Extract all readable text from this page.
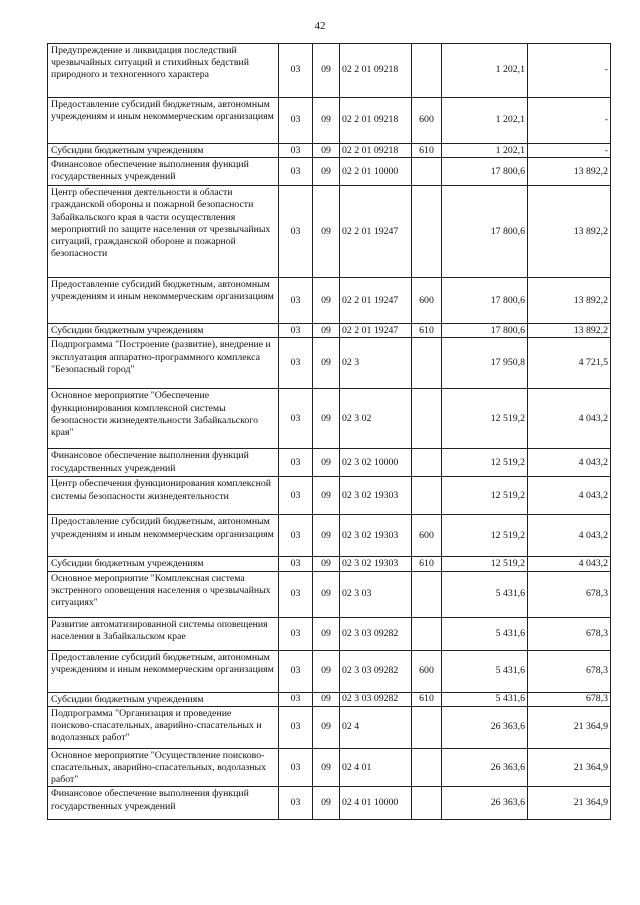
42
Предупреждение и ликвидация последствий чрезвычайных ситуаций и стихийных бедствий природного и техногенного характера	03	09	02 2 01 09218		1 202,1	-
Предоставление субсидий бюджетным, автономным учреждениям и иным некоммерческим организациям	03	09	02 2 01 09218	600	1 202,1	-
Субсидии бюджетным учреждениям	03	09	02 2 01 09218	610	1 202,1	-
Финансовое обеспечение выполнения функций государственных учреждений	03	09	02 2 01 10000		17 800,6	13 892,2
Центр обеспечения деятельности в области гражданской обороны и пожарной безопасности Забайкальского края в части осуществления мероприятий по защите населения от чрезвычайных ситуаций, гражданской обороне и пожарной безопасности	03	09	02 2 01 19247		17 800,6	13 892,2
Предоставление субсидий бюджетным, автономным учреждениям и иным некоммерческим организациям	03	09	02 2 01 19247	600	17 800,6	13 892,2
Субсидии бюджетным учреждениям	03	09	02 2 01 19247	610	17 800,6	13 892,2
Подпрограмма "Построение (развитие), внедрение и эксплуатация аппаратно-программного комплекса "Безопасный город"	03	09	02 3		17 950,8	4 721,5
Основное мероприятие "Обеспечение функционирования комплексной системы безопасности жизнедеятельности Забайкальского края"	03	09	02 3 02		12 519,2	4 043,2
Финансовое обеспечение выполнения функций государственных учреждений	03	09	02 3 02 10000		12 519,2	4 043,2
Центр обеспечения функционирования комплексной системы безопасности жизнедеятельности	03	09	02 3 02 19303		12 519,2	4 043,2
Предоставление субсидий бюджетным, автономным учреждениям и иным некоммерческим организациям	03	09	02 3 02 19303	600	12 519,2	4 043,2
Субсидии бюджетным учреждениям	03	09	02 3 02 19303	610	12 519,2	4 043,2
Основное мероприятие "Комплексная система экстренного оповещения населения о чрезвычайных ситуациях"	03	09	02 3 03		5 431,6	678,3
Развитие автоматизированной системы оповещения населения в Забайкальском крае	03	09	02 3 03 09282		5 431,6	678,3
Предоставление субсидий бюджетным, автономным учреждениям и иным некоммерческим организациям	03	09	02 3 03 09282	600	5 431,6	678,3
Субсидии бюджетным учреждениям	03	09	02 3 03 09282	610	5 431,6	678,3
Подпрограмма "Организация и проведение поисково-спасательных, аварийно-спасательных и водолазных работ"	03	09	02 4		26 363,6	21 364,9
Основное мероприятие "Осуществление поисково-спасательных, аварийно-спасательных, водолазных работ"	03	09	02 4 01		26 363,6	21 364,9
Финансовое обеспечение выполнения функций государственных учреждений	03	09	02 4 01 10000		26 363,6	21 364,9
